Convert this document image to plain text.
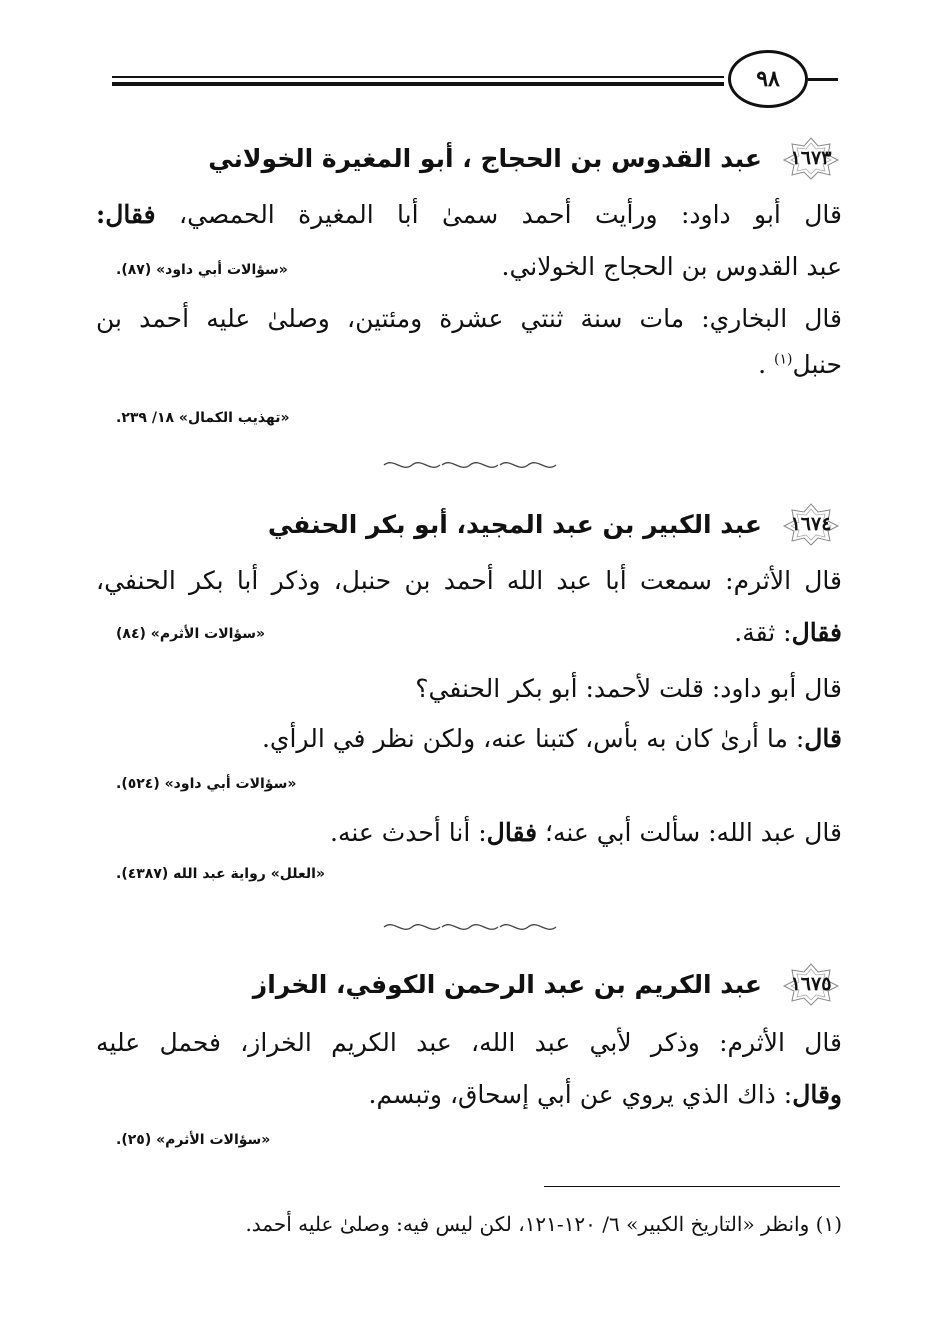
٩٨
١٦٧٣
عبد القدوس بن الحجاج ، أبو المغيرة الخولاني
قال أبو داود: ورأيت أحمد سمىٰ أبا المغيرة الحمصي، فقال:
عبد القدوس بن الحجاج الخولاني.
«سؤالات أبي داود» (٨٧).
قال البخاري: مات سنة ثنتي عشرة ومئتين، وصلىٰ عليه أحمد بن
حنبل$^{(١)}$ .
«تهذيب الكمال» ١٨/ ٢٣٩.
١٦٧٤
عبد الكبير بن عبد المجيد، أبو بكر الحنفي
قال الأثرم: سمعت أبا عبد الله أحمد بن حنبل، وذكر أبا بكر الحنفي،
فقال: ثقة.
«سؤالات الأثرم» (٨٤)
قال أبو داود: قلت لأحمد: أبو بكر الحنفي؟
قال: ما أرىٰ كان به بأس، كتبنا عنه، ولكن نظر في الرأي.
«سؤالات أبي داود» (٥٢٤).
قال عبد الله: سألت أبي عنه؛ فقال: أنا أحدث عنه.
«العلل» رواية عبد الله (٤٣٨٧).
١٦٧٥
عبد الكريم بن عبد الرحمن الكوفي، الخراز
قال الأثرم: وذكر لأبي عبد الله، عبد الكريم الخراز، فحمل عليه
وقال: ذاك الذي يروي عن أبي إسحاق، وتبسم.
«سؤالات الأثرم» (٢٥).
(١) وانظر «التاريخ الكبير» ٦/ ١٢٠-١٢١، لكن ليس فيه: وصلىٰ عليه أحمد.
